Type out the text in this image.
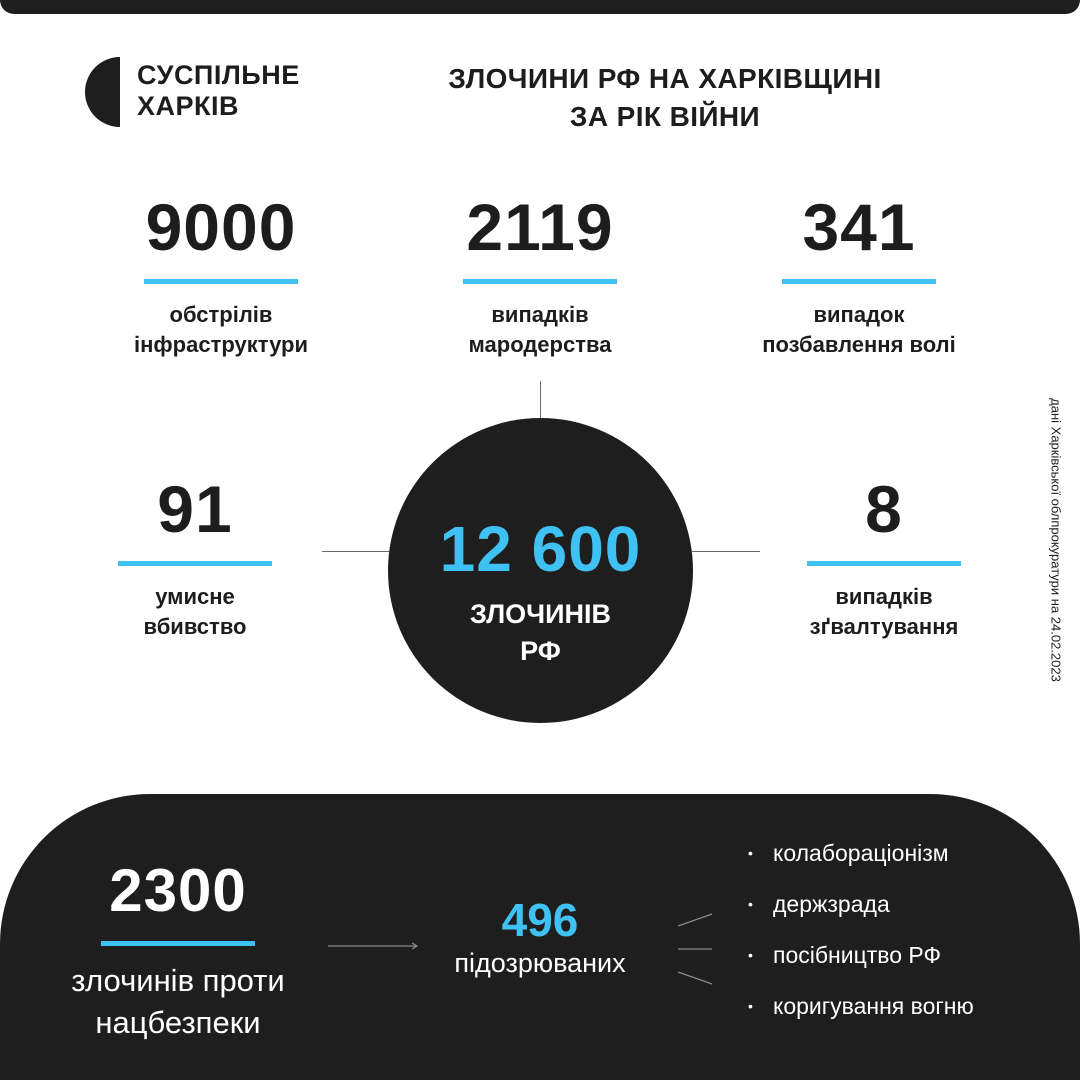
СУСПІЛЬНЕ
ХАРКІВ
ЗЛОЧИНИ РФ НА ХАРКІВЩИНІ
ЗА РІК ВІЙНИ
9000
обстрілів
інфраструктури
2119
випадків
мародерства
341
випадок
позбавлення волі
91
умисне
вбивство
8
випадків
зґвалтування
12 600
ЗЛОЧИНІВ
РФ	дані Харківської облпрокуратури на 24.02.2023
2300
злочинів проти
нацбезпеки
496
підозрюваних
• колабораціонізм
• держзрада
• посібництво РФ
• коригування вогню
